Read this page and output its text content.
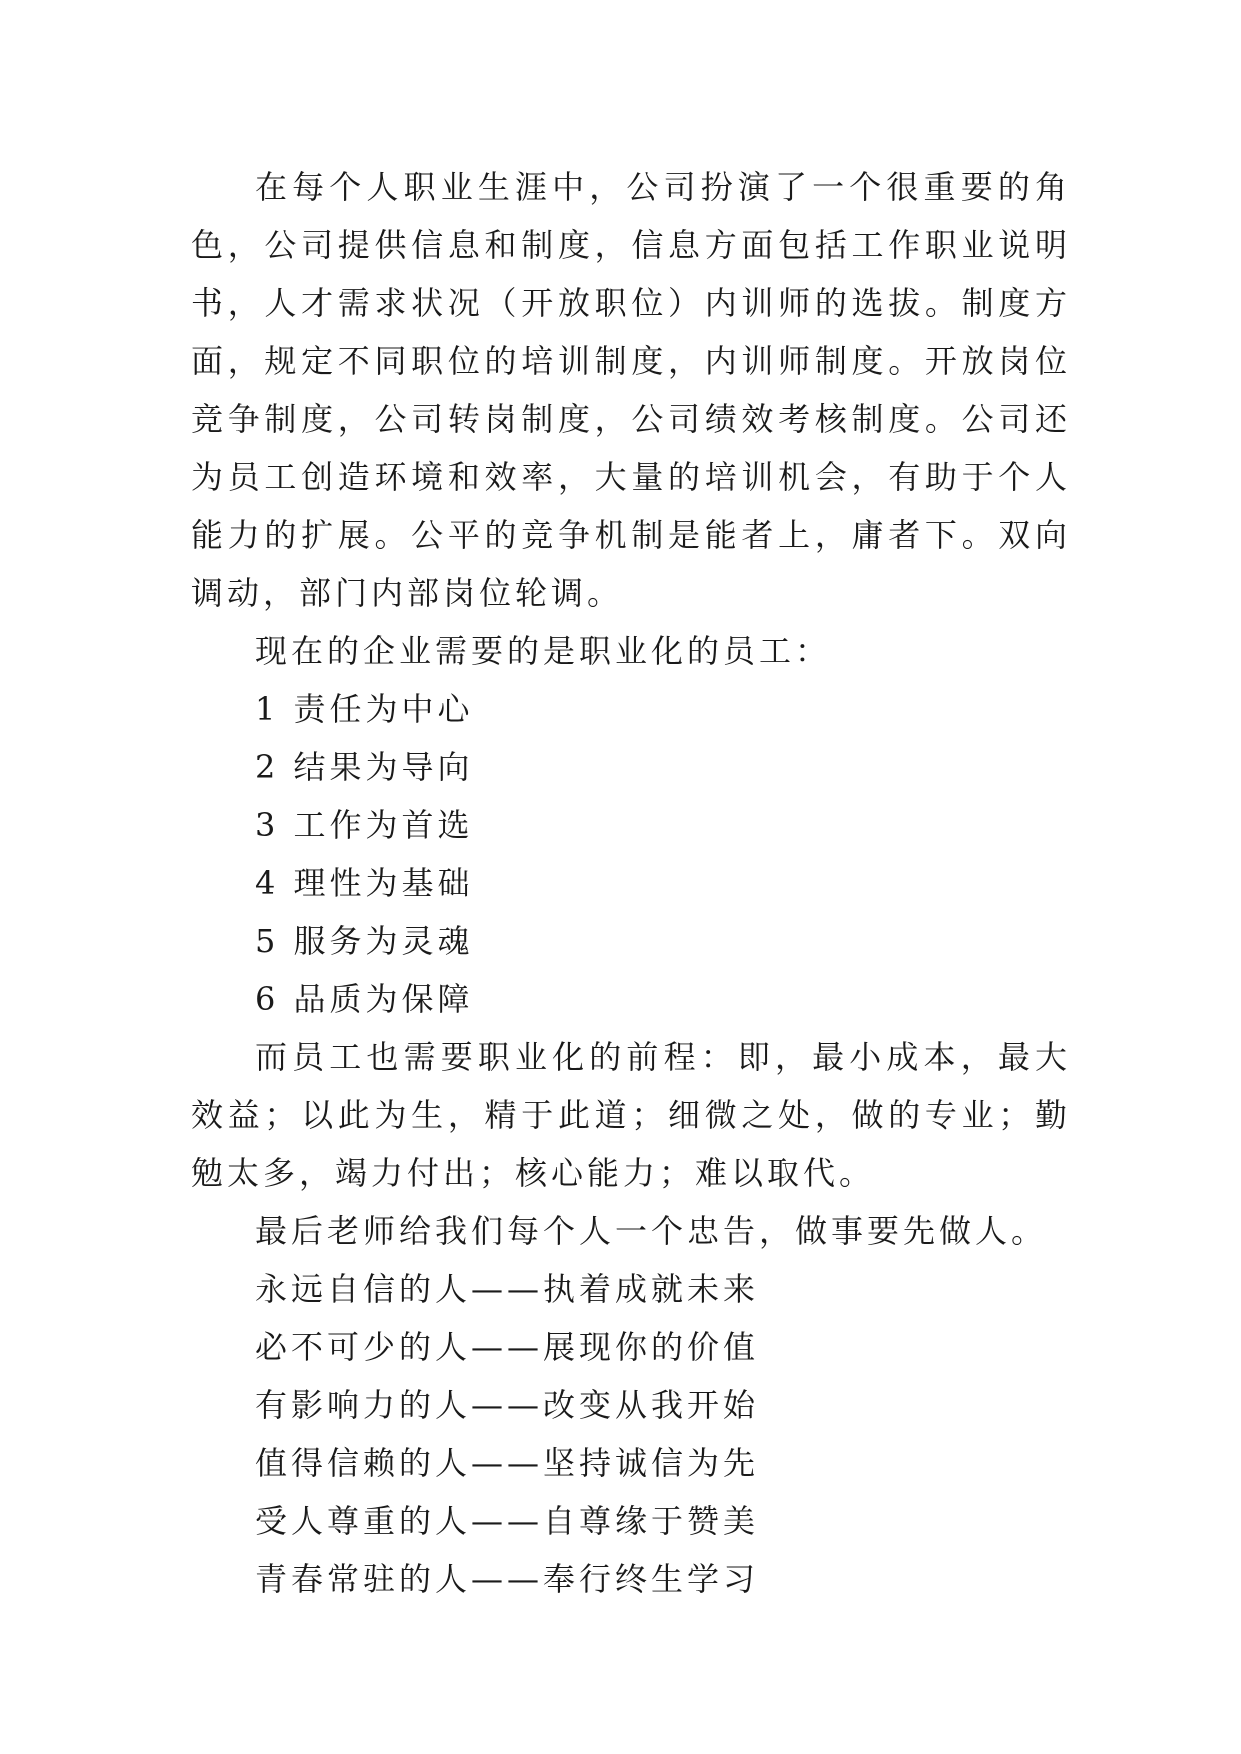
在每个人职业生涯中，公司扮演了一个很重要的角色，公司提供信息和制度，信息方面包括工作职业说明书，人才需求状况（开放职位）内训师的选拔。制度方面，规定不同职位的培训制度，内训师制度。开放岗位竞争制度，公司转岗制度，公司绩效考核制度。公司还为员工创造环境和效率，大量的培训机会，有助于个人能力的扩展。公平的竞争机制是能者上，庸者下。双向调动，部门内部岗位轮调。

现在的企业需要的是职业化的员工：

1 责任为中心

2 结果为导向

3 工作为首选

4 理性为基础

5 服务为灵魂

6 品质为保障

而员工也需要职业化的前程：即，最小成本，最大效益；以此为生，精于此道；细微之处，做的专业；勤勉太多，竭力付出；核心能力；难以取代。

最后老师给我们每个人一个忠告，做事要先做人。

永远自信的人——执着成就未来

必不可少的人——展现你的价值

有影响力的人——改变从我开始

值得信赖的人——坚持诚信为先

受人尊重的人——自尊缘于赞美

青春常驻的人——奉行终生学习
